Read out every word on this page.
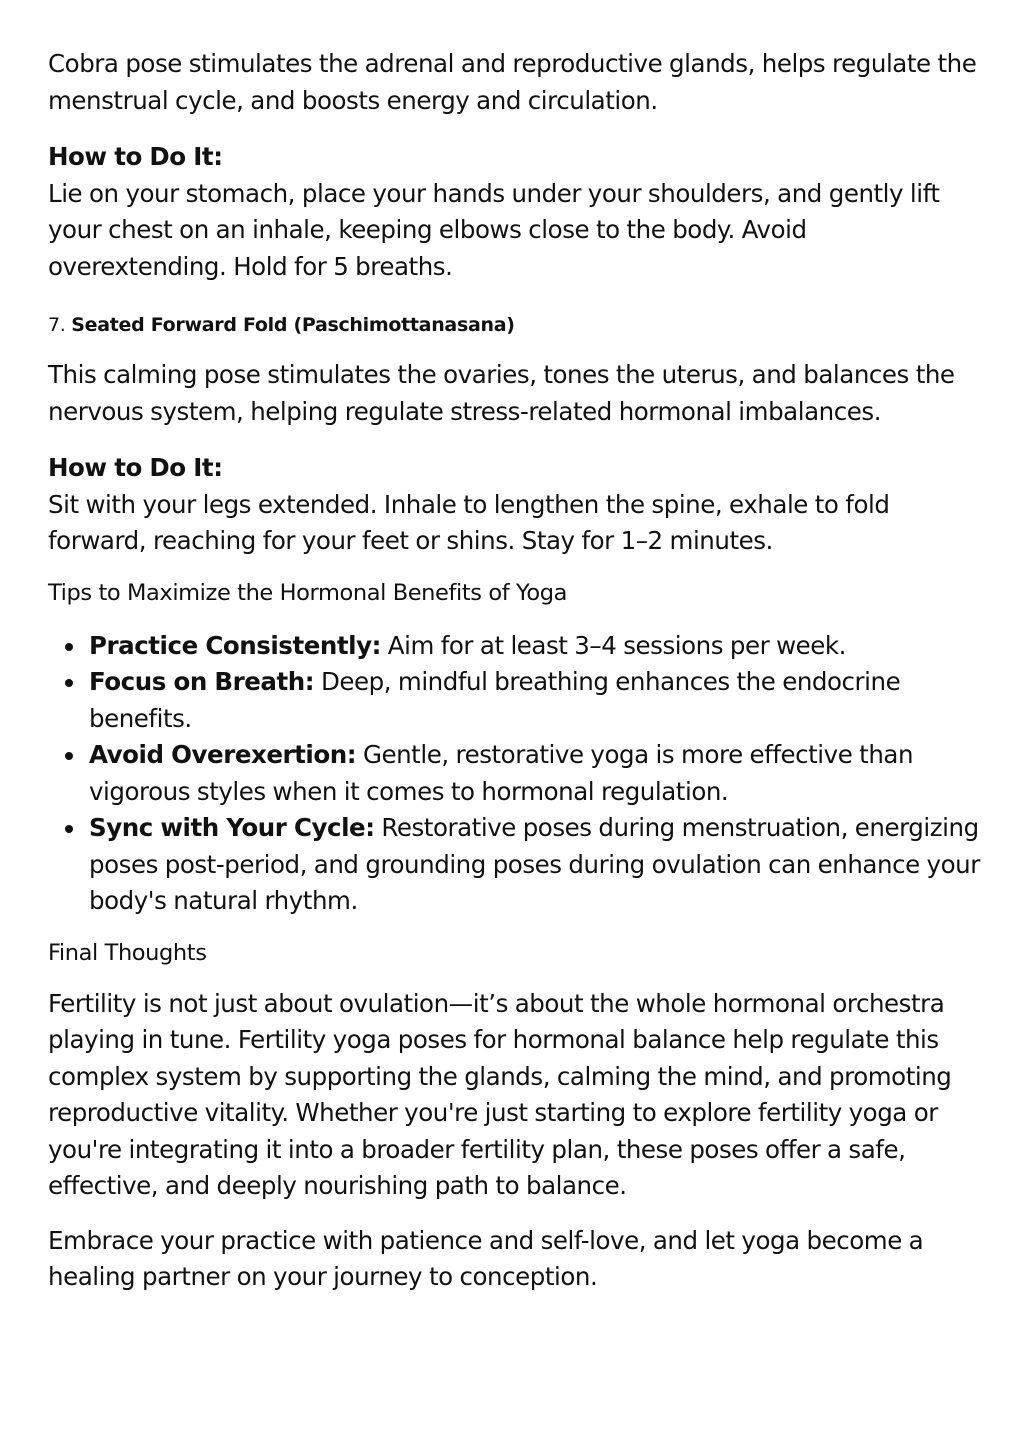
Cobra pose stimulates the adrenal and reproductive glands, helps regulate the menstrual cycle, and boosts energy and circulation.

How to Do It:
Lie on your stomach, place your hands under your shoulders, and gently lift your chest on an inhale, keeping elbows close to the body. Avoid overextending. Hold for 5 breaths.

7. Seated Forward Fold (Paschimottanasana)

This calming pose stimulates the ovaries, tones the uterus, and balances the nervous system, helping regulate stress-related hormonal imbalances.

How to Do It:
Sit with your legs extended. Inhale to lengthen the spine, exhale to fold forward, reaching for your feet or shins. Stay for 1–2 minutes.

Tips to Maximize the Hormonal Benefits of Yoga

Practice Consistently: Aim for at least 3–4 sessions per week.
Focus on Breath: Deep, mindful breathing enhances the endocrine benefits.
Avoid Overexertion: Gentle, restorative yoga is more effective than vigorous styles when it comes to hormonal regulation.
Sync with Your Cycle: Restorative poses during menstruation, energizing poses post-period, and grounding poses during ovulation can enhance your body's natural rhythm.

Final Thoughts

Fertility is not just about ovulation—it’s about the whole hormonal orchestra playing in tune. Fertility yoga poses for hormonal balance help regulate this complex system by supporting the glands, calming the mind, and promoting reproductive vitality. Whether you're just starting to explore fertility yoga or you're integrating it into a broader fertility plan, these poses offer a safe, effective, and deeply nourishing path to balance.

Embrace your practice with patience and self-love, and let yoga become a healing partner on your journey to conception.
